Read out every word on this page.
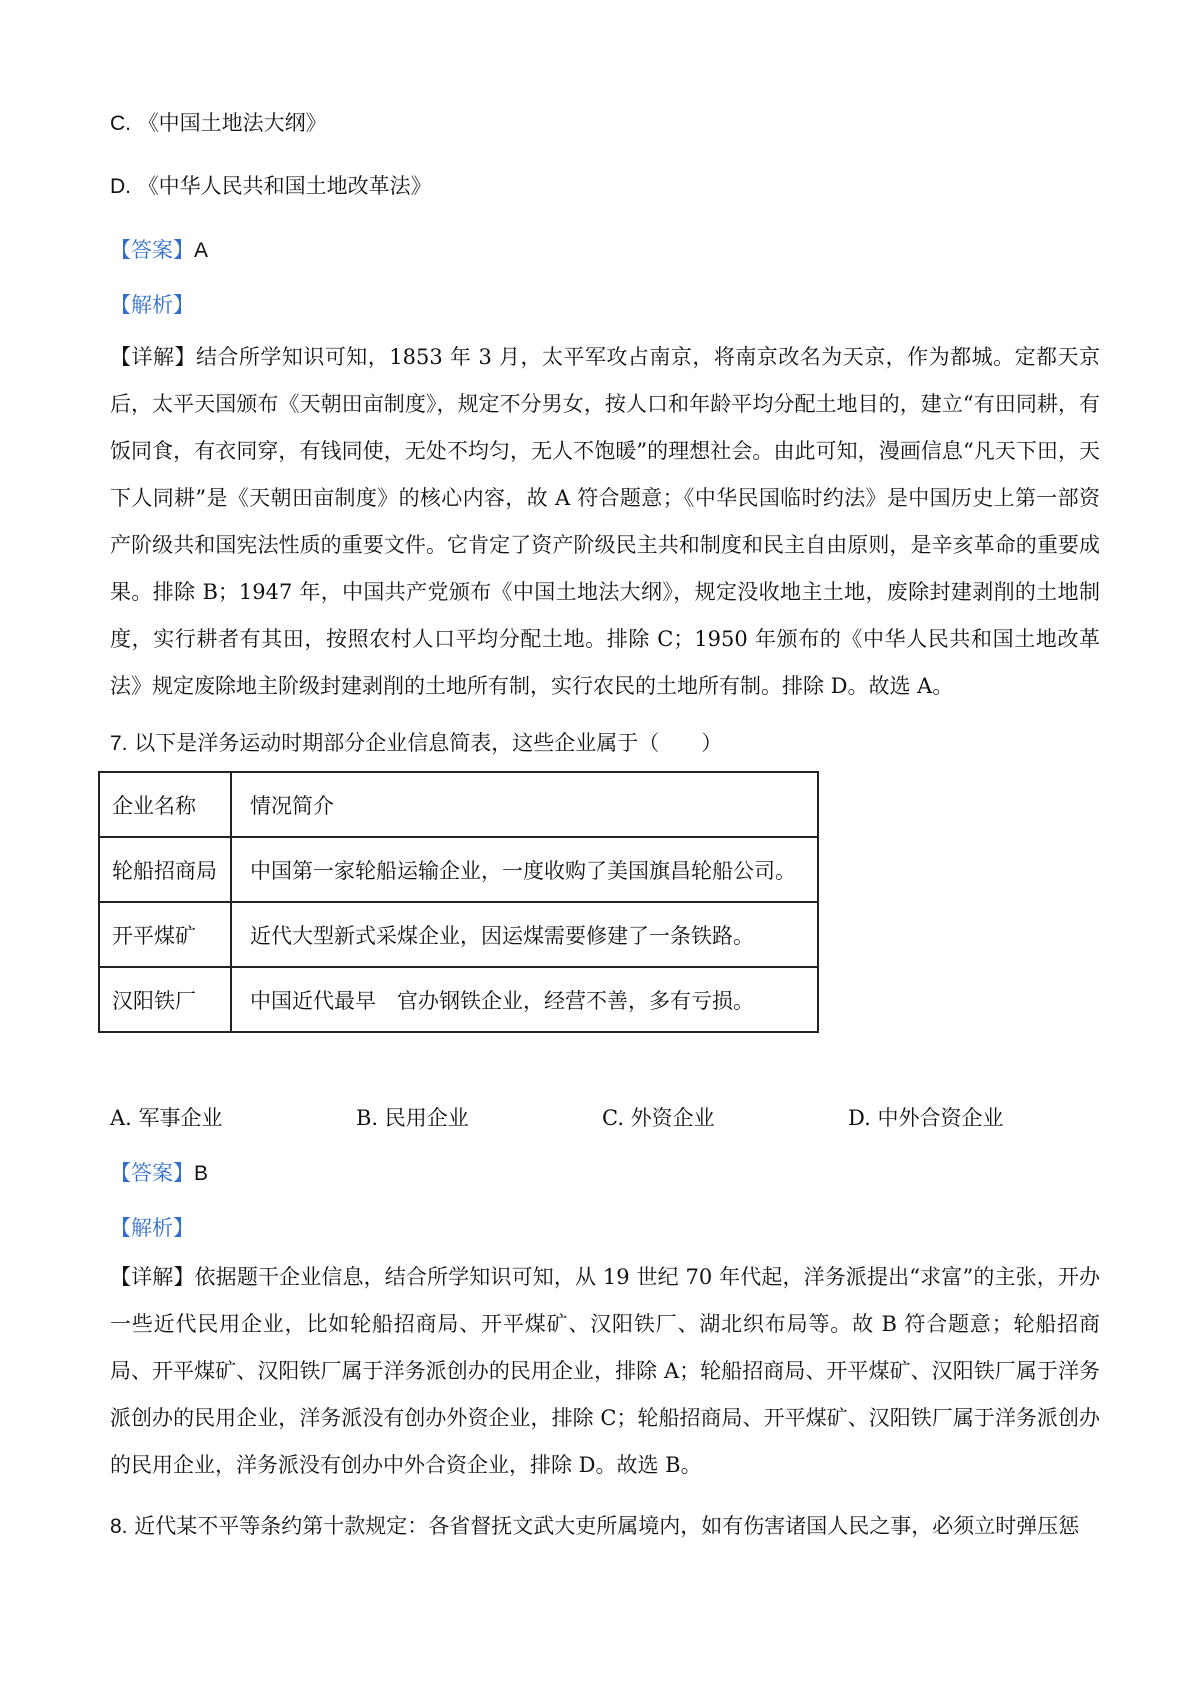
C. 《中国土地法大纲》
D. 《中华人民共和国土地改革法》
【答案】A
【解析】

【详解】结合所学知识可知，1853 年 3 月，太平军攻占南京，将南京改名为天京，作为都城。定都天京后，太平天国颁布《天朝田亩制度》，规定不分男女，按人口和年龄平均分配土地目的，建立“有田同耕，有饭同食，有衣同穿，有钱同使，无处不均匀，无人不饱暖”的理想社会。由此可知，漫画信息“凡天下田，天下人同耕”是《天朝田亩制度》的核心内容，故 A 符合题意；《中华民国临时约法》是中国历史上第一部资产阶级共和国宪法性质的重要文件。它肯定了资产阶级民主共和制度和民主自由原则，是辛亥革命的重要成果。排除 B；1947 年，中国共产党颁布《中国土地法大纲》，规定没收地主土地，废除封建剥削的土地制度，实行耕者有其田，按照农村人口平均分配土地。排除 C；1950 年颁布的《中华人民共和国土地改革法》规定废除地主阶级封建剥削的土地所有制，实行农民的土地所有制。排除 D。故选 A。

7. 以下是洋务运动时期部分企业信息简表，这些企业属于（　　）
企业名称	情况简介
轮船招商局	中国第一家轮船运输企业，一度收购了美国旗昌轮船公司。
开平煤矿	近代大型新式采煤企业，因运煤需要修建了一条铁路。
汉阳铁厂	中国近代最早　官办钢铁企业，经营不善，多有亏损。
A. 军事企业	B. 民用企业	C. 外资企业	D. 中外合资企业
【答案】B
【解析】

【详解】依据题干企业信息，结合所学知识可知，从 19 世纪 70 年代起，洋务派提出“求富”的主张，开办一些近代民用企业，比如轮船招商局、开平煤矿、汉阳铁厂、湖北织布局等。故 B 符合题意；轮船招商局、开平煤矿、汉阳铁厂属于洋务派创办的民用企业，排除 A；轮船招商局、开平煤矿、汉阳铁厂属于洋务派创办的民用企业，洋务派没有创办外资企业，排除 C；轮船招商局、开平煤矿、汉阳铁厂属于洋务派创办的民用企业，洋务派没有创办中外合资企业，排除 D。故选 B。

8. 近代某不平等条约第十款规定：各省督抚文武大吏所属境内，如有伤害诸国人民之事，必须立时弹压惩
